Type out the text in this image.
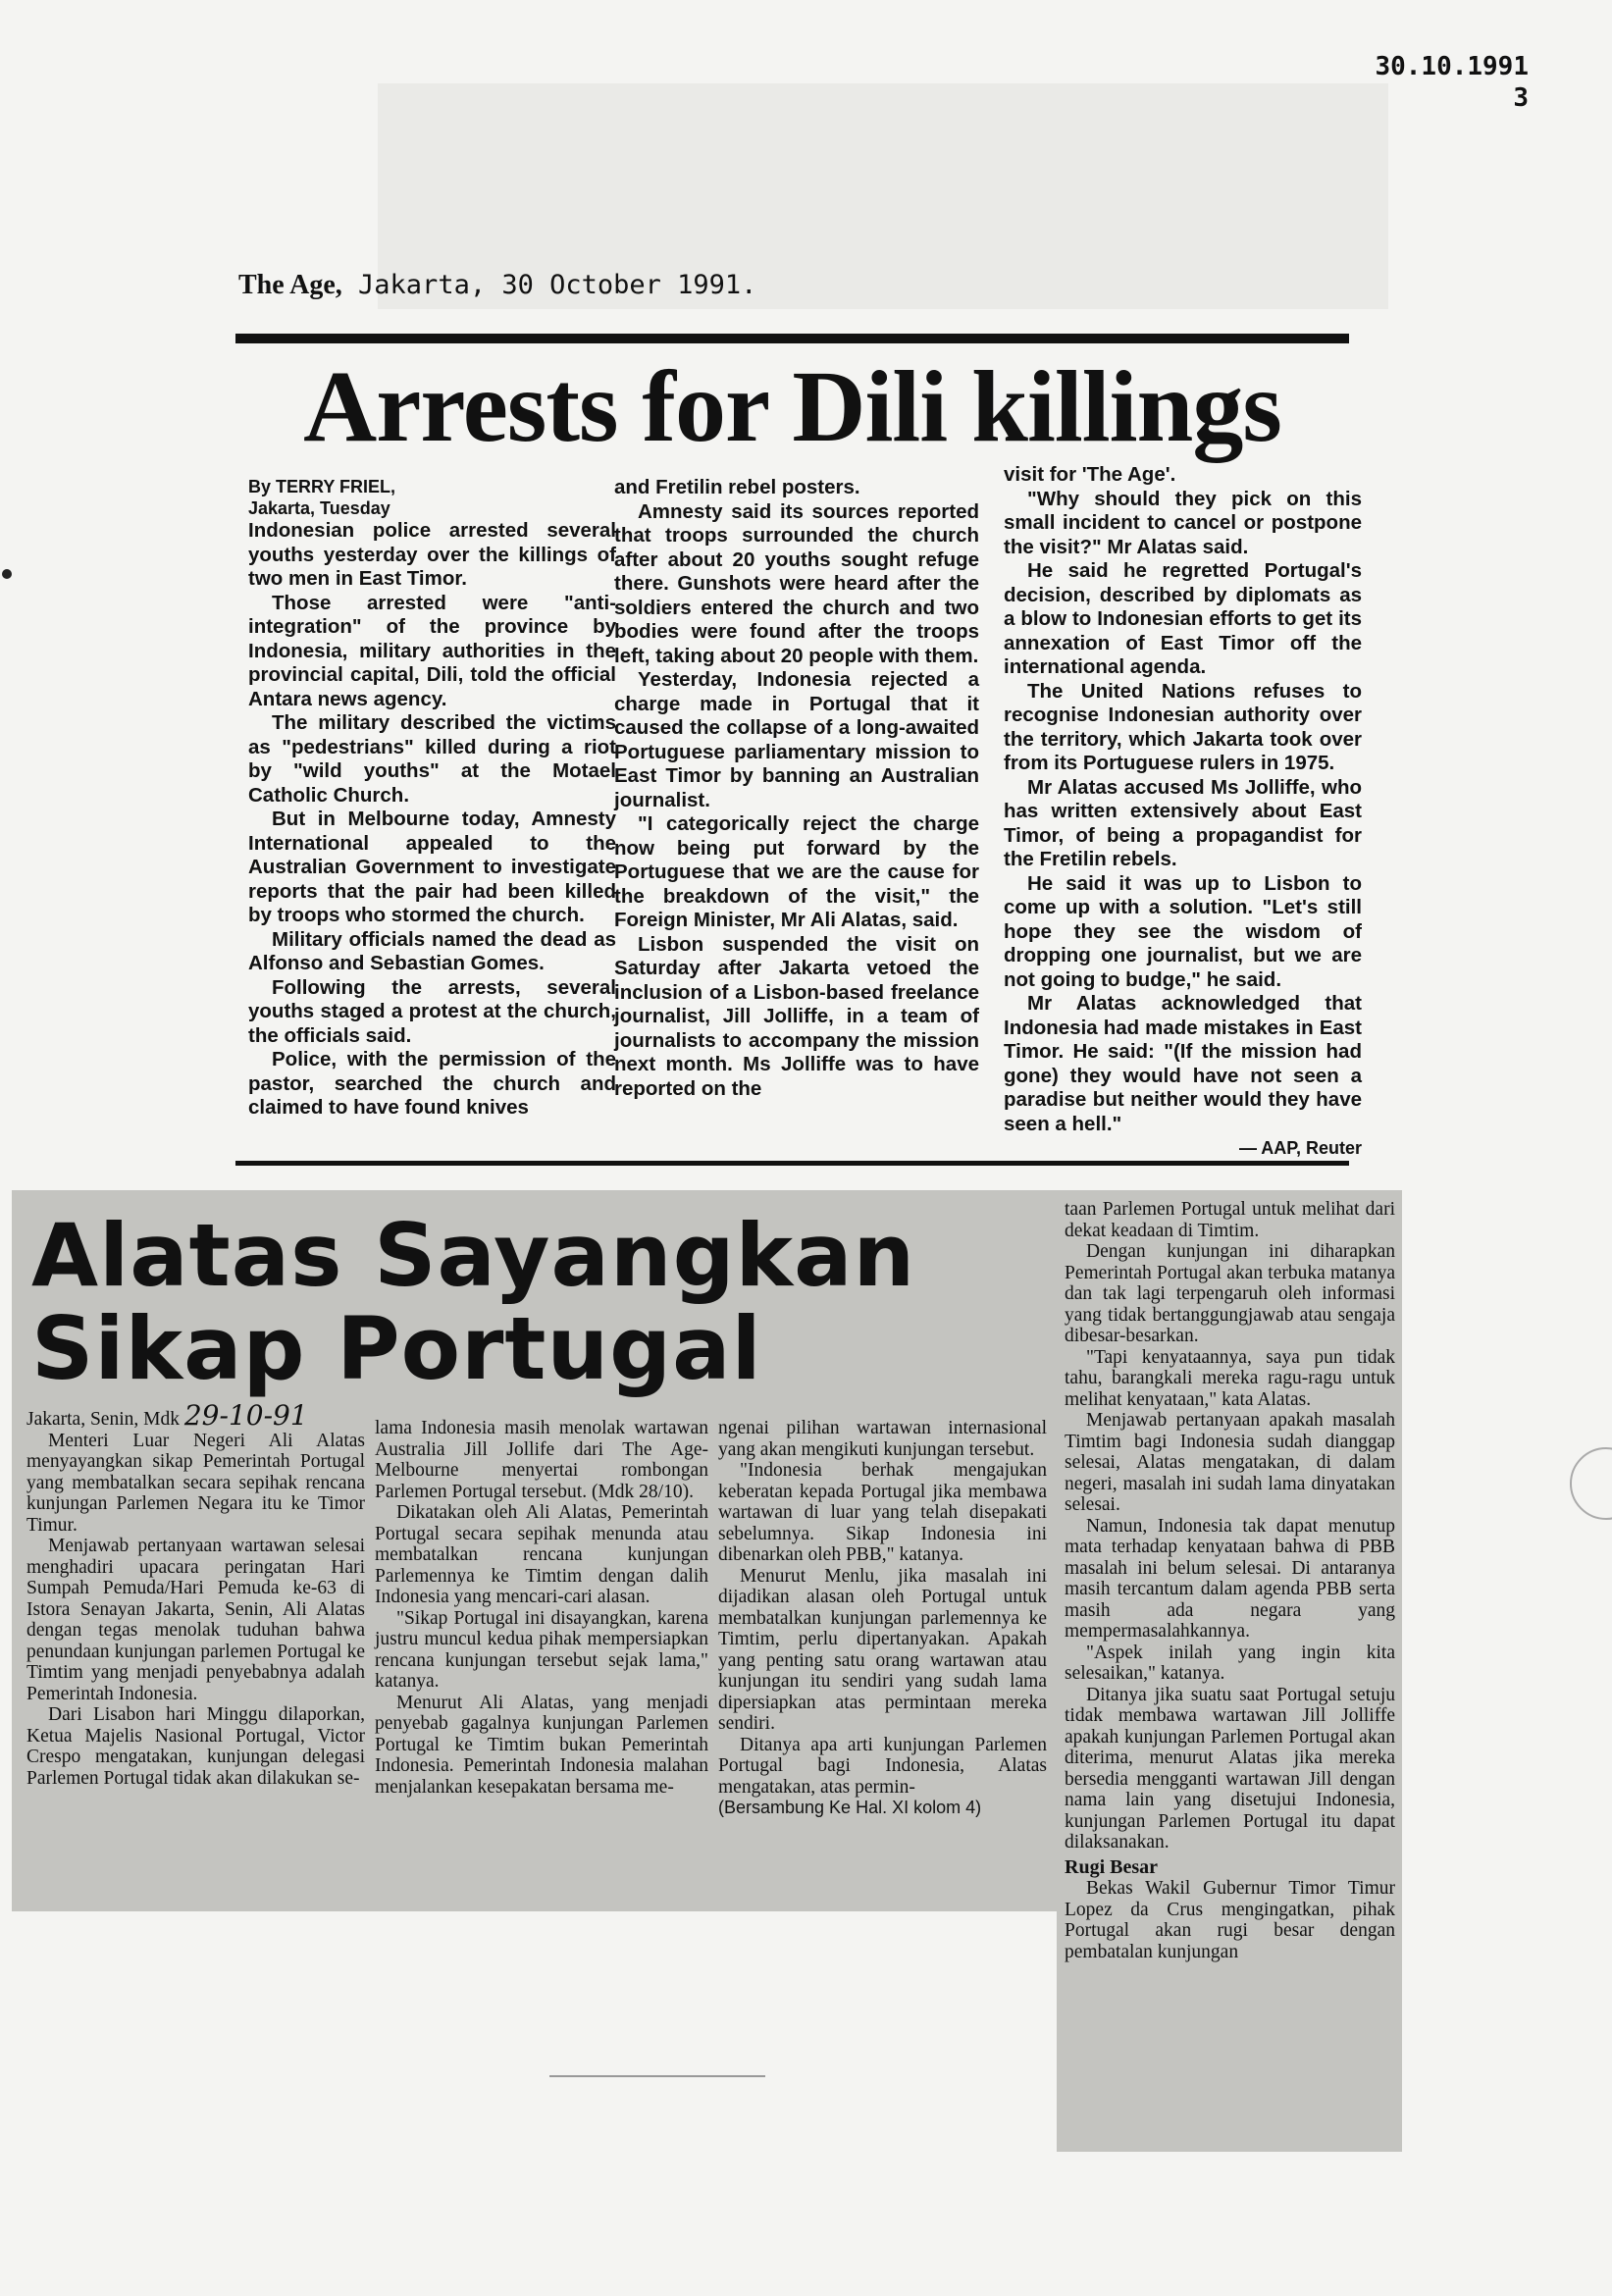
30.10.1991
3
The Age, Jakarta, 30 October 1991.
Arrests for Dili killings

By TERRY FRIEL,

Jakarta, Tuesday

Indonesian police arrested several youths yesterday over the killings of two men in East Timor.

Those arrested were "anti-integration" of the province by Indonesia, military authorities in the provincial capital, Dili, told the official Antara news agency.

The military described the victims as "pedestrians" killed during a riot by "wild youths" at the Motael Catholic Church.

But in Melbourne today, Amnesty International appealed to the Australian Government to investigate reports that the pair had been killed by troops who stormed the church.

Military officials named the dead as Alfonso and Sebastian Gomes.

Following the arrests, several youths staged a protest at the church, the officials said.

Police, with the permission of the pastor, searched the church and claimed to have found knives

and Fretilin rebel posters.

Amnesty said its sources reported that troops surrounded the church after about 20 youths sought refuge there. Gunshots were heard after the soldiers entered the church and two bodies were found after the troops left, taking about 20 people with them.

Yesterday, Indonesia rejected a charge made in Portugal that it caused the collapse of a long-awaited Portuguese parliamentary mission to East Timor by banning an Australian journalist.

"I categorically reject the charge now being put forward by the Portuguese that we are the cause for the breakdown of the visit," the Foreign Minister, Mr Ali Alatas, said.

Lisbon suspended the visit on Saturday after Jakarta vetoed the inclusion of a Lisbon-based freelance journalist, Jill Jolliffe, in a team of journalists to accompany the mission next month. Ms Jolliffe was to have reported on the

visit for 'The Age'.

"Why should they pick on this small incident to cancel or postpone the visit?" Mr Alatas said.

He said he regretted Portugal's decision, described by diplomats as a blow to Indonesian efforts to get its annexation of East Timor off the international agenda.

The United Nations refuses to recognise Indonesian authority over the territory, which Jakarta took over from its Portuguese rulers in 1975.

Mr Alatas accused Ms Jolliffe, who has written extensively about East Timor, of being a propagandist for the Fretilin rebels.

He said it was up to Lisbon to come up with a solution. "Let's still hope they see the wisdom of dropping one journalist, but we are not going to budge," he said.

Mr Alatas acknowledged that Indonesia had made mistakes in East Timor. He said: "(If the mission had gone) they would have not seen a paradise but neither would they have seen a hell."

— AAP, Reuter

Alatas Sayangkan
Sikap Portugal

Jakarta, Senin, Mdk 29-10-91

Menteri Luar Negeri Ali Alatas menyayangkan sikap Pemerintah Portugal yang membatalkan secara sepihak rencana kunjungan Parlemen Negara itu ke Timor Timur.

Menjawab pertanyaan wartawan selesai menghadiri upacara peringatan Hari Sumpah Pemuda/Hari Pemuda ke-63 di Istora Senayan Jakarta, Senin, Ali Alatas dengan tegas menolak tuduhan bahwa penundaan kunjungan parlemen Portugal ke Timtim yang menjadi penyebabnya adalah Pemerintah Indonesia.

Dari Lisabon hari Minggu dilaporkan, Ketua Majelis Nasional Portugal, Victor Crespo mengatakan, kunjungan delegasi Parlemen Portugal tidak akan dilakukan se-

lama Indonesia masih menolak wartawan Australia Jill Jollife dari The Age-Melbourne menyertai rombongan Parlemen Portugal tersebut. (Mdk 28/10).

Dikatakan oleh Ali Alatas, Pemerintah Portugal secara sepihak menunda atau membatalkan rencana kunjungan Parlemennya ke Timtim dengan dalih Indonesia yang mencari-cari alasan.

"Sikap Portugal ini disayangkan, karena justru muncul kedua pihak mempersiapkan rencana kunjungan tersebut sejak lama," katanya.

Menurut Ali Alatas, yang menjadi penyebab gagalnya kunjungan Parlemen Portugal ke Timtim bukan Pemerintah Indonesia. Pemerintah Indonesia malahan menjalankan kesepakatan bersama me-

ngenai pilihan wartawan internasional yang akan mengikuti kunjungan tersebut.

"Indonesia berhak mengajukan keberatan kepada Portugal jika membawa wartawan di luar yang telah disepakati sebelumnya. Sikap Indonesia ini dibenarkan oleh PBB," katanya.

Menurut Menlu, jika masalah ini dijadikan alasan oleh Portugal untuk membatalkan kunjungan parlemennya ke Timtim, perlu dipertanyakan. Apakah yang penting satu orang wartawan atau kunjungan itu sendiri yang sudah lama dipersiapkan atas permintaan mereka sendiri.

Ditanya apa arti kunjungan Parlemen Portugal bagi Indonesia, Alatas mengatakan, atas permin-

(Bersambung Ke Hal. XI kolom 4)

taan Parlemen Portugal untuk melihat dari dekat keadaan di Timtim.

Dengan kunjungan ini diharapkan Pemerintah Portugal akan terbuka matanya dan tak lagi terpengaruh oleh informasi yang tidak bertanggungjawab atau sengaja dibesar-besarkan.

"Tapi kenyataannya, saya pun tidak tahu, barangkali mereka ragu-ragu untuk melihat kenyataan," kata Alatas.

Menjawab pertanyaan apakah masalah Timtim bagi Indonesia sudah dianggap selesai, Alatas mengatakan, di dalam negeri, masalah ini sudah lama dinyatakan selesai.

Namun, Indonesia tak dapat menutup mata terhadap kenyataan bahwa di PBB masalah ini belum selesai. Di antaranya masih tercantum dalam agenda PBB serta masih ada negara yang mempermasalahkannya.

"Aspek inilah yang ingin kita selesaikan," katanya.

Ditanya jika suatu saat Portugal setuju tidak membawa wartawan Jill Jolliffe apakah kunjungan Parlemen Portugal akan diterima, menurut Alatas jika mereka bersedia mengganti wartawan Jill dengan nama lain yang disetujui Indonesia, kunjungan Parlemen Portugal itu dapat dilaksanakan.

Rugi Besar

Bekas Wakil Gubernur Timor Timur Lopez da Crus mengingatkan, pihak Portugal akan rugi besar dengan pembatalan kunjungan
